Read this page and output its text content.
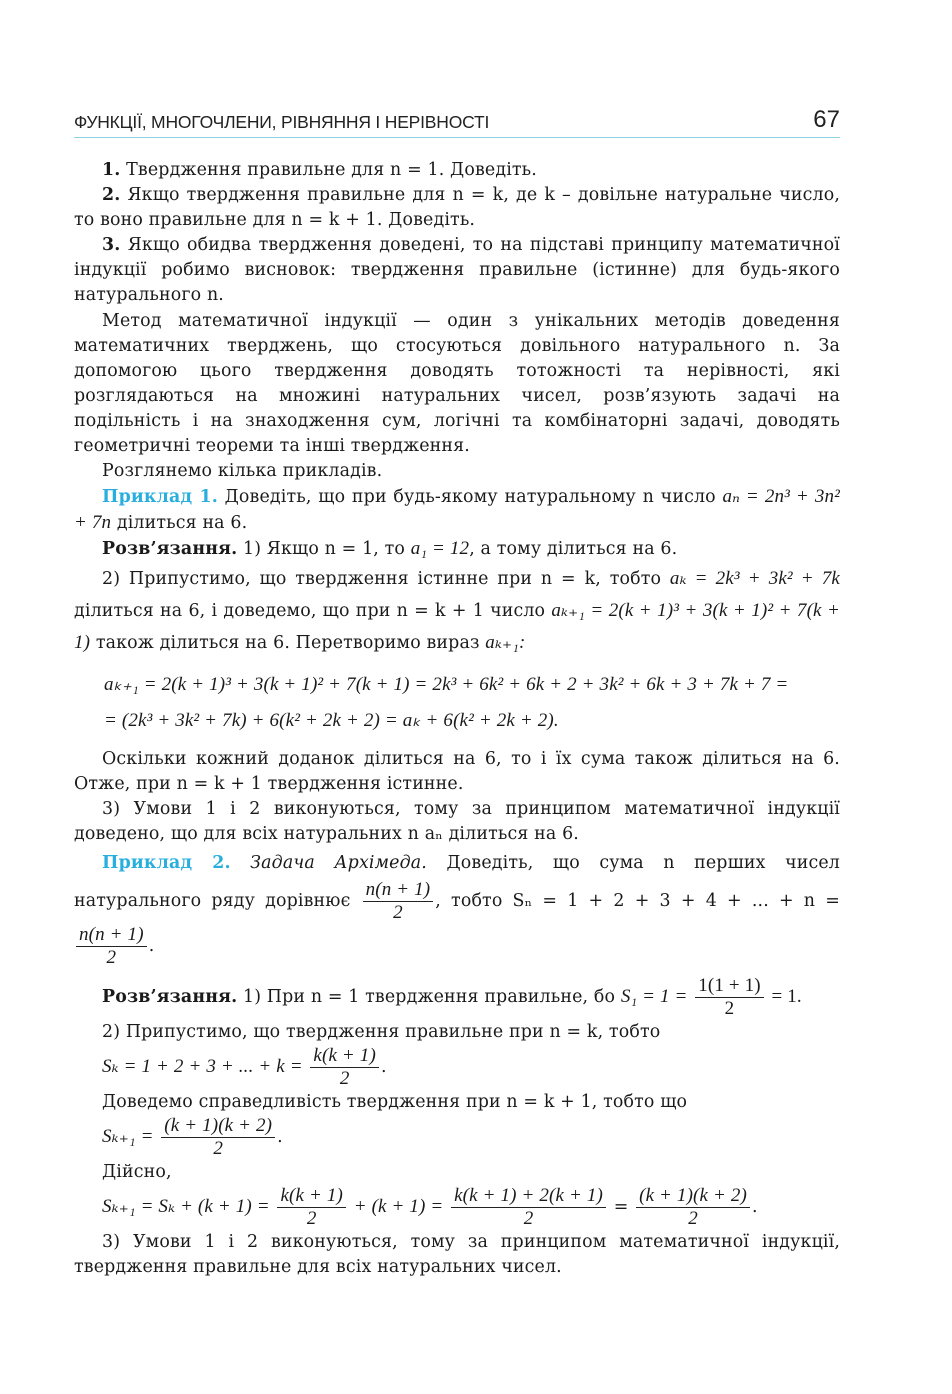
ФУНКЦІЇ, МНОГОЧЛЕНИ, РІВНЯННЯ І НЕРІВНОСТІ	67

1. Твердження правильне для n = 1. Доведіть.

2. Якщо твердження правильне для n = k, де k – довільне натуральне число, то воно правильне для n = k + 1. Доведіть.

3. Якщо обидва твердження доведені, то на підставі принципу математичної індукції робимо висновок: твердження правильне (істинне) для будь-якого натурального n.

Метод математичної індукції — один з унікальних методів доведення математичних тверджень, що стосуються довільного натурального n. За допомогою цього твердження доводять тотожності та нерівності, які розглядаються на множині натуральних чисел, розв’язують задачі на подільність і на знаходження сум, логічні та комбінаторні задачі, доводять геометричні теореми та інші твердження.

Розглянемо кілька прикладів.

Приклад 1. Доведіть, що при будь-якому натуральному n число aₙ = 2n³ + 3n² + 7n ділиться на 6.

Розв’язання. 1) Якщо n = 1, то a₁ = 12, а тому ділиться на 6.

2) Припустимо, що твердження істинне при n = k, тобто aₖ = 2k³ + 3k² + 7k ділиться на 6, і доведемо, що при n = k + 1 число aₖ₊₁ = 2(k + 1)³ + 3(k + 1)² + 7(k + 1) також ділиться на 6. Перетворимо вираз aₖ₊₁:

aₖ₊₁ = 2(k + 1)³ + 3(k + 1)² + 7(k + 1) = 2k³ + 6k² + 6k + 2 + 3k² + 6k + 3 + 7k + 7 =
= (2k³ + 3k² + 7k) + 6(k² + 2k + 2) = aₖ + 6(k² + 2k + 2).

Оскільки кожний доданок ділиться на 6, то і їх сума також ділиться на 6. Отже, при n = k + 1 твердження істинне.

3) Умови 1 і 2 виконуються, тому за принципом математичної індукції доведено, що для всіх натуральних n aₙ ділиться на 6.

Приклад 2. Задача Архімеда. Доведіть, що сума n перших чисел натурального ряду дорівнює $\frac{n(n + 1)}{2}$ , тобто Sₙ = 1 + 2 + 3 + 4 + ... + n =
$\frac{n(n + 1)}{2}$ .

Розв’язання. 1) При n = 1 твердження правильне, бо $S_1 = 1 = \frac{1(1 + 1)}{2} = 1$.

2) Припустимо, що твердження правильне при n = k, тобто

Sₖ = 1 + 2 + 3 + ... + $k = \frac{k(k + 1)}{2}$ .

Доведемо справедливість твердження при n = k + 1, тобто що

$S_{k+1} = \frac{(k + 1)(k + 2)}{2}$ .

Дійсно,

$S_{k+1} = S_k + (k + 1) = \frac{k(k + 1)}{2} + (k + 1) = \frac{k(k + 1) + 2(k + 1)}{2} = \frac{(k + 1)(k + 2)}{2}$ .

3) Умови 1 і 2 виконуються, тому за принципом математичної індукції, твердження правильне для всіх натуральних чисел.
